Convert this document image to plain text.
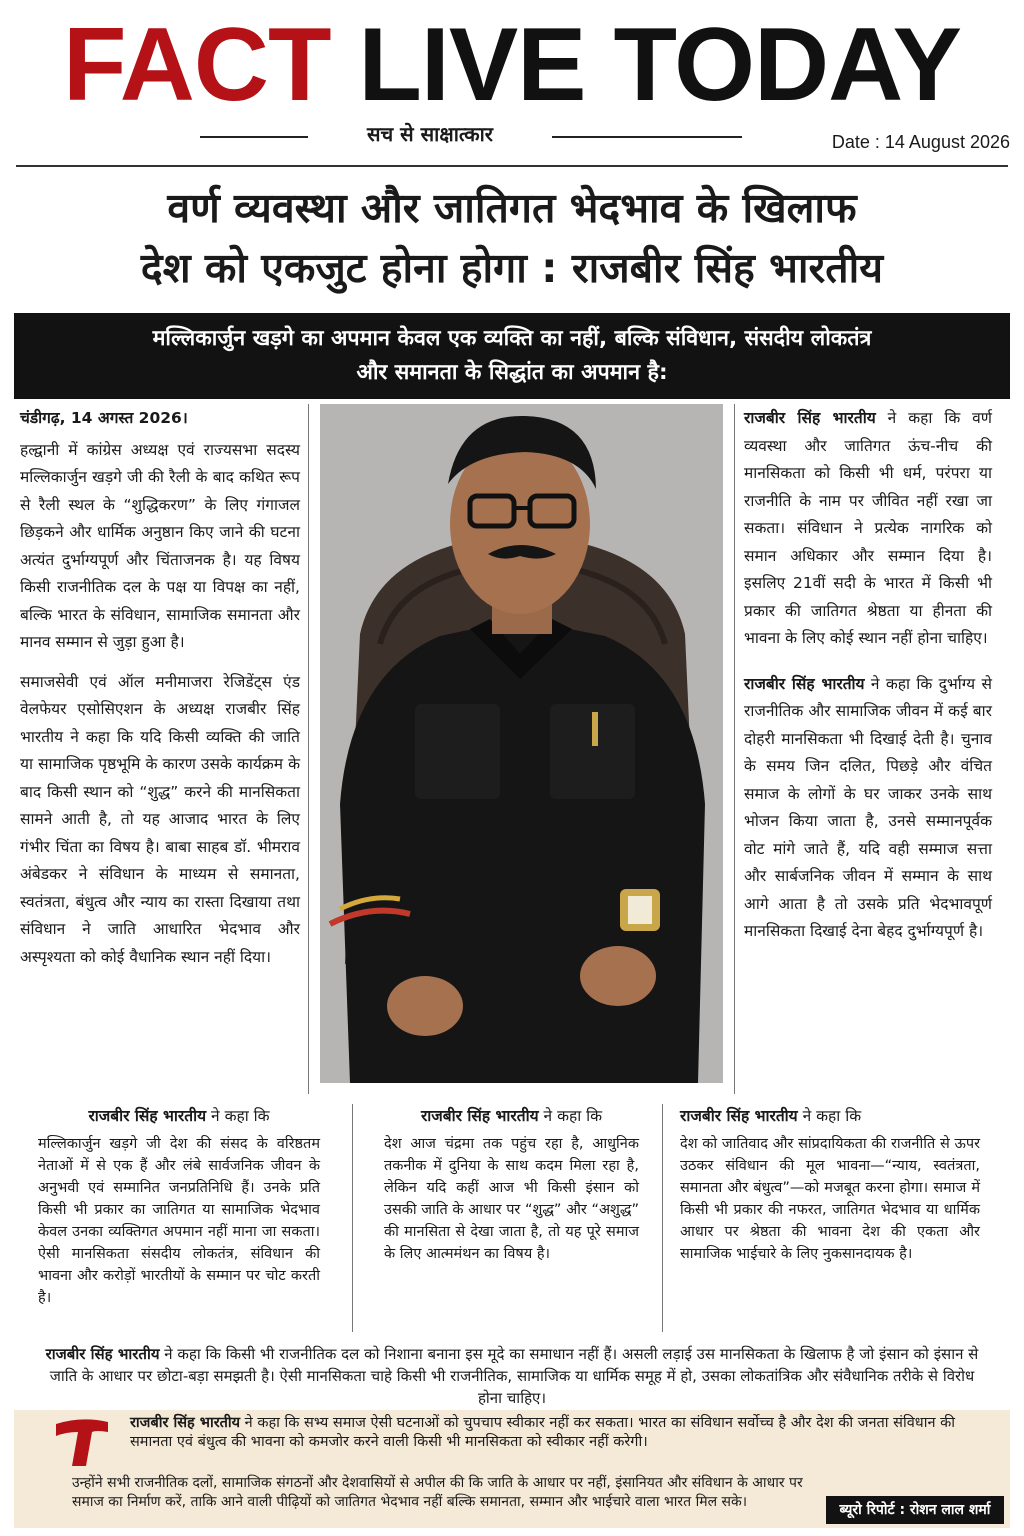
FACT LIVE TODAY
सच से साक्षात्कार	Date : 14 August 2026
वर्ण व्यवस्था और जातिगत भेदभाव के खिलाफ
देश को एकजुट होना होगा : राजबीर सिंह भारतीय

मल्लिकार्जुन खड़गे का अपमान केवल एक व्यक्ति का नहीं, बल्कि संविधान, संसदीय लोकतंत्र

और समानता के सिद्धांत का अपमान है:

चंडीगढ़, 14 अगस्त 2026।

हल्द्वानी में कांग्रेस अध्यक्ष एवं राज्यसभा सदस्य मल्लिकार्जुन खड़गे जी की रैली के बाद कथित रूप से रैली स्थल के “शुद्धिकरण” के लिए गंगाजल छिड़कने और धार्मिक अनुष्ठान किए जाने की घटना अत्यंत दुर्भाग्यपूर्ण और चिंताजनक है। यह विषय किसी राजनीतिक दल के पक्ष या विपक्ष का नहीं, बल्कि भारत के संविधान, सामाजिक समानता और मानव सम्मान से जुड़ा हुआ है।

समाजसेवी एवं ऑल मनीमाजरा रेजिडेंट्स एंड वेलफेयर एसोसिएशन के अध्यक्ष राजबीर सिंह भारतीय ने कहा कि यदि किसी व्यक्ति की जाति या सामाजिक पृष्ठभूमि के कारण उसके कार्यक्रम के बाद किसी स्थान को “शुद्ध” करने की मानसिकता सामने आती है, तो यह आजाद भारत के लिए गंभीर चिंता का विषय है। बाबा साहब डॉ. भीमराव अंबेडकर ने संविधान के माध्यम से समानता, स्वतंत्रता, बंधुत्व और न्याय का रास्ता दिखाया तथा संविधान ने जाति आधारित भेदभाव और अस्पृश्यता को कोई वैधानिक स्थान नहीं दिया।

राजबीर सिंह भारतीय ने कहा कि वर्ण व्यवस्था और जातिगत ऊंच-नीच की मानसिकता को किसी भी धर्म, परंपरा या राजनीति के नाम पर जीवित नहीं रखा जा सकता। संविधान ने प्रत्येक नागरिक को समान अधिकार और सम्मान दिया है। इसलिए 21वीं सदी के भारत में किसी भी प्रकार की जातिगत श्रेष्ठता या हीनता की भावना के लिए कोई स्थान नहीं होना चाहिए।

राजबीर सिंह भारतीय ने कहा कि दुर्भाग्य से राजनीतिक और सामाजिक जीवन में कई बार दोहरी मानसिकता भी दिखाई देती है। चुनाव के समय जिन दलित, पिछड़े और वंचित समाज के लोगों के घर जाकर उनके साथ भोजन किया जाता है, उनसे सम्मानपूर्वक वोट मांगे जाते हैं, यदि वही सम्माज सत्ता और सार्बजनिक जीवन में सम्मान के साथ आगे आता है तो उसके प्रति भेदभावपूर्ण मानसिकता दिखाई देना बेहद दुर्भाग्यपूर्ण है।

राजबीर सिंह भारतीय ने कहा कि

मल्लिकार्जुन खड़गे जी देश की संसद के वरिष्ठतम नेताओं में से एक हैं और लंबे सार्वजनिक जीवन के अनुभवी एवं सम्मानित जनप्रतिनिधि हैं। उनके प्रति किसी भी प्रकार का जातिगत या सामाजिक भेदभाव केवल उनका व्यक्तिगत अपमान नहीं माना जा सकता। ऐसी मानसिकता संसदीय लोकतंत्र, संविधान की भावना और करोड़ों भारतीयों के सम्मान पर चोट करती है।

राजबीर सिंह भारतीय ने कहा कि

देश आज चंद्रमा तक पहुंच रहा है, आधुनिक तकनीक में दुनिया के साथ कदम मिला रहा है, लेकिन यदि कहीं आज भी किसी इंसान को उसकी जाति के आधार पर “शुद्ध” और “अशुद्ध” की मानसिता से देखा जाता है, तो यह पूरे समाज के लिए आत्ममंथन का विषय है।

राजबीर सिंह भारतीय ने कहा कि

देश को जातिवाद और सांप्रदायिकता की राजनीति से ऊपर उठकर संविधान की मूल भावना—“न्याय, स्वतंत्रता, समानता और बंधुत्व”—को मजबूत करना होगा। समाज में किसी भी प्रकार की नफरत, जातिगत भेदभाव या धार्मिक आधार पर श्रेष्ठता की भावना देश की एकता और सामाजिक भाईचारे के लिए नुकसानदायक है।

राजबीर सिंह भारतीय ने कहा कि किसी भी राजनीतिक दल को निशाना बनाना इस मूदे का समाधान नहीं हैं। असली लड़ाई उस मानसिकता के खिलाफ है जो इंसान को इंसान से जाति के आधार पर छोटा-बड़ा समझती है। ऐसी मानसिकता चाहे किसी भी राजनीतिक, सामाजिक या धार्मिक समूह में हो, उसका लोकतांत्रिक और संवैधानिक तरीके से विरोध होना चाहिए।
T	राजबीर सिंह भारतीय ने कहा कि सभ्य समाज ऐसी घटनाओं को चुपचाप स्वीकार नहीं कर सकता। भारत का संविधान सर्वोच्च है और देश की जनता संविधान की समानता एवं बंधुत्व की भावना को कमजोर करने वाली किसी भी मानसिकता को स्वीकार नहीं करेगी।
उन्होंने सभी राजनीतिक दलों, सामाजिक संगठनों और देशवासियों से अपील की कि जाति के आधार पर नहीं, इंसानियत और संविधान के आधार पर समाज का निर्माण करें, ताकि आने वाली पीढ़ियों को जातिगत भेदभाव नहीं बल्कि समानता, सम्मान और भाईचारे वाला भारत मिल सके।	ब्यूरो रिपोर्ट : रोशन लाल शर्मा
